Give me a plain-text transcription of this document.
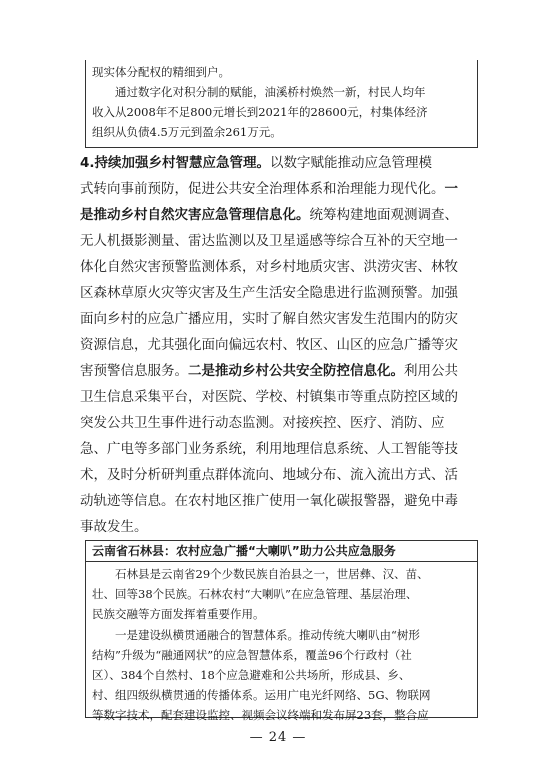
现实体分配权的精细到户。

　　通过数字化对积分制的赋能，油溪桥村焕然一新，村民人均年

收入从2008年不足800元增长到2021年的28600元，村集体经济

组织从负债4.5万元到盈余261万元。

4.持续加强乡村智慧应急管理。以数字赋能推动应急管理模

式转向事前预防，促进公共安全治理体系和治理能力现代化。一

是推动乡村自然灾害应急管理信息化。统筹构建地面观测调查、

无人机摄影测量、雷达监测以及卫星遥感等综合互补的天空地一

体化自然灾害预警监测体系，对乡村地质灾害、洪涝灾害、林牧

区森林草原火灾等灾害及生产生活安全隐患进行监测预警。加强

面向乡村的应急广播应用，实时了解自然灾害发生范围内的防灾

资源信息，尤其强化面向偏远农村、牧区、山区的应急广播等灾

害预警信息服务。二是推动乡村公共安全防控信息化。利用公共

卫生信息采集平台，对医院、学校、村镇集市等重点防控区域的

突发公共卫生事件进行动态监测。对接疾控、医疗、消防、应

急、广电等多部门业务系统，利用地理信息系统、人工智能等技

术，及时分析研判重点群体流向、地域分布、流入流出方式、活

动轨迹等信息。在农村地区推广使用一氧化碳报警器，避免中毒

事故发生。

云南省石林县：农村应急广播“大喇叭”助力公共应急服务

　　石林县是云南省29个少数民族自治县之一，世居彝、汉、苗、

壮、回等38个民族。石林农村“大喇叭”在应急管理、基层治理、

民族交融等方面发挥着重要作用。

　　一是建设纵横贯通融合的智慧体系。推动传统大喇叭由“树形

结构”升级为“融通网状”的应急智慧体系，覆盖96个行政村（社

区）、384个自然村、18个应急避难和公共场所，形成县、乡、

村、组四级纵横贯通的传播体系。运用广电光纤网络、5G、物联网

等数字技术，配套建设监控、视频会议终端和发布屏23套，整合应

— 24 —
